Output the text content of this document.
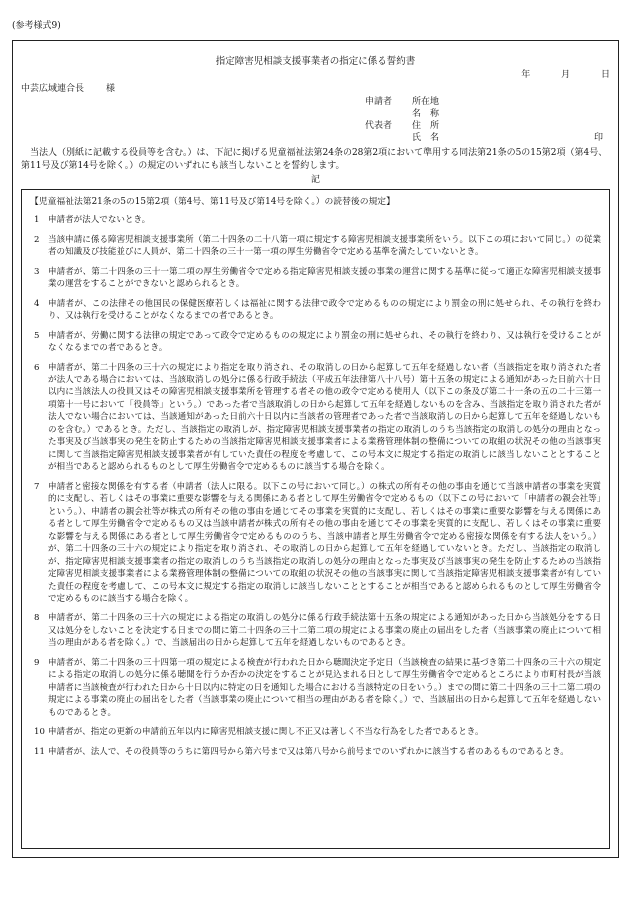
(参考様式9)
指定障害児相談支援事業者の指定に係る誓約書
年	月	日
中芸広域連合長 様
申請者 所在地
名　称
代表者 住　所
氏　名	印
当法人（別紙に記載する役員等を含む。）は、下記に掲げる児童福祉法第24条の28第2項において準用する同法第21条の5の15第2項（第4号、第11号及び第14号を除く。）の規定のいずれにも該当しないことを誓約します。
記
【児童福祉法第21条の5の15第2項（第4号、第11号及び第14号を除く。）の読替後の規定】
1 申請者が法人でないとき。
2 当該申請に係る障害児相談支援事業所（第二十四条の二十八第一項に規定する障害児相談支援事業所をいう。以下この項において同じ。）の従業者の知識及び技能並びに人員が、第二十四条の三十一第一項の厚生労働省令で定める基準を満たしていないとき。
3 申請者が、第二十四条の三十一第二項の厚生労働省令で定める指定障害児相談支援の事業の運営に関する基準に従って適正な障害児相談支援事業の運営をすることができないと認められるとき。
4 申請者が、この法律その他国民の保健医療若しくは福祉に関する法律で政令で定めるものの規定により罰金の刑に処せられ、その執行を終わり、又は執行を受けることがなくなるまでの者であるとき。
5 申請者が、労働に関する法律の規定であって政令で定めるものの規定により罰金の刑に処せられ、その執行を終わり、又は執行を受けることがなくなるまでの者であるとき。
6 申請者が、第二十四条の三十六の規定により指定を取り消され、その取消しの日から起算して五年を経過しない者（当該指定を取り消された者が法人である場合においては、当該取消しの処分に係る行政手続法（平成五年法律第八十八号）第十五条の規定による通知があった日前六十日以内に当該法人の役員又はその障害児相談支援事業所を管理する者その他の政令で定める使用人（以下この条及び第二十一条の五の二十三第一項第十一号において「役員等」という。）であった者で当該取消しの日から起算して五年を経過しないものを含み、当該指定を取り消された者が法人でない場合においては、当該通知があった日前六十日以内に当該者の管理者であった者で当該取消しの日から起算して五年を経過しないものを含む。）であるとき。ただし、当該指定の取消しが、指定障害児相談支援事業者の指定の取消しのうち当該指定の取消しの処分の理由となった事実及び当該事実の発生を防止するための当該指定障害児相談支援事業者による業務管理体制の整備についての取組の状況その他の当該事実に関して当該指定障害児相談支援事業者が有していた責任の程度を考慮して、この号本文に規定する指定の取消しに該当しないこととすることが相当であると認められるものとして厚生労働省令で定めるものに該当する場合を除く。
7 申請者と密接な関係を有する者（申請者（法人に限る。以下この号において同じ。）の株式の所有その他の事由を通じて当該申請者の事業を実質的に支配し、若しくはその事業に重要な影響を与える関係にある者として厚生労働省令で定めるもの（以下この号において「申請者の親会社等」という。）、申請者の親会社等が株式の所有その他の事由を通じてその事業を実質的に支配し、若しくはその事業に重要な影響を与える関係にある者として厚生労働省令で定めるもの又は当該申請者が株式の所有その他の事由を通じてその事業を実質的に支配し、若しくはその事業に重要な影響を与える関係にある者として厚生労働省令で定めるもののうち、当該申請者と厚生労働省令で定める密接な関係を有する法人をいう。）が、第二十四条の三十六の規定により指定を取り消され、その取消しの日から起算して五年を経過していないとき。ただし、当該指定の取消しが、指定障害児相談支援事業者の指定の取消しのうち当該指定の取消しの処分の理由となった事実及び当該事実の発生を防止するための当該指定障害児相談支援事業者による業務管理体制の整備についての取組の状況その他の当該事実に関して当該指定障害児相談支援事業者が有していた責任の程度を考慮して、この号本文に規定する指定の取消しに該当しないこととすることが相当であると認められるものとして厚生労働省令で定めるものに該当する場合を除く。
8 申請者が、第二十四条の三十六の規定による指定の取消しの処分に係る行政手続法第十五条の規定による通知があった日から当該処分をする日又は処分をしないことを決定する日までの間に第二十四条の三十二第二項の規定による事業の廃止の届出をした者（当該事業の廃止について相当の理由がある者を除く。）で、当該届出の日から起算して五年を経過しないものであるとき。
9 申請者が、第二十四条の三十四第一項の規定による検査が行われた日から聴聞決定予定日（当該検査の結果に基づき第二十四条の三十六の規定による指定の取消しの処分に係る聴聞を行うか否かの決定をすることが見込まれる日として厚生労働省令で定めるところにより市町村長が当該申請者に当該検査が行われた日から十日以内に特定の日を通知した場合における当該特定の日をいう。）までの間に第二十四条の三十二第二項の規定による事業の廃止の届出をした者（当該事業の廃止について相当の理由がある者を除く。）で、当該届出の日から起算して五年を経過しないものであるとき。
10 申請者が、指定の更新の申請前五年以内に障害児相談支援に関し不正又は著しく不当な行為をした者であるとき。
11 申請者が、法人で、その役員等のうちに第四号から第六号まで又は第八号から前号までのいずれかに該当する者のあるものであるとき。
